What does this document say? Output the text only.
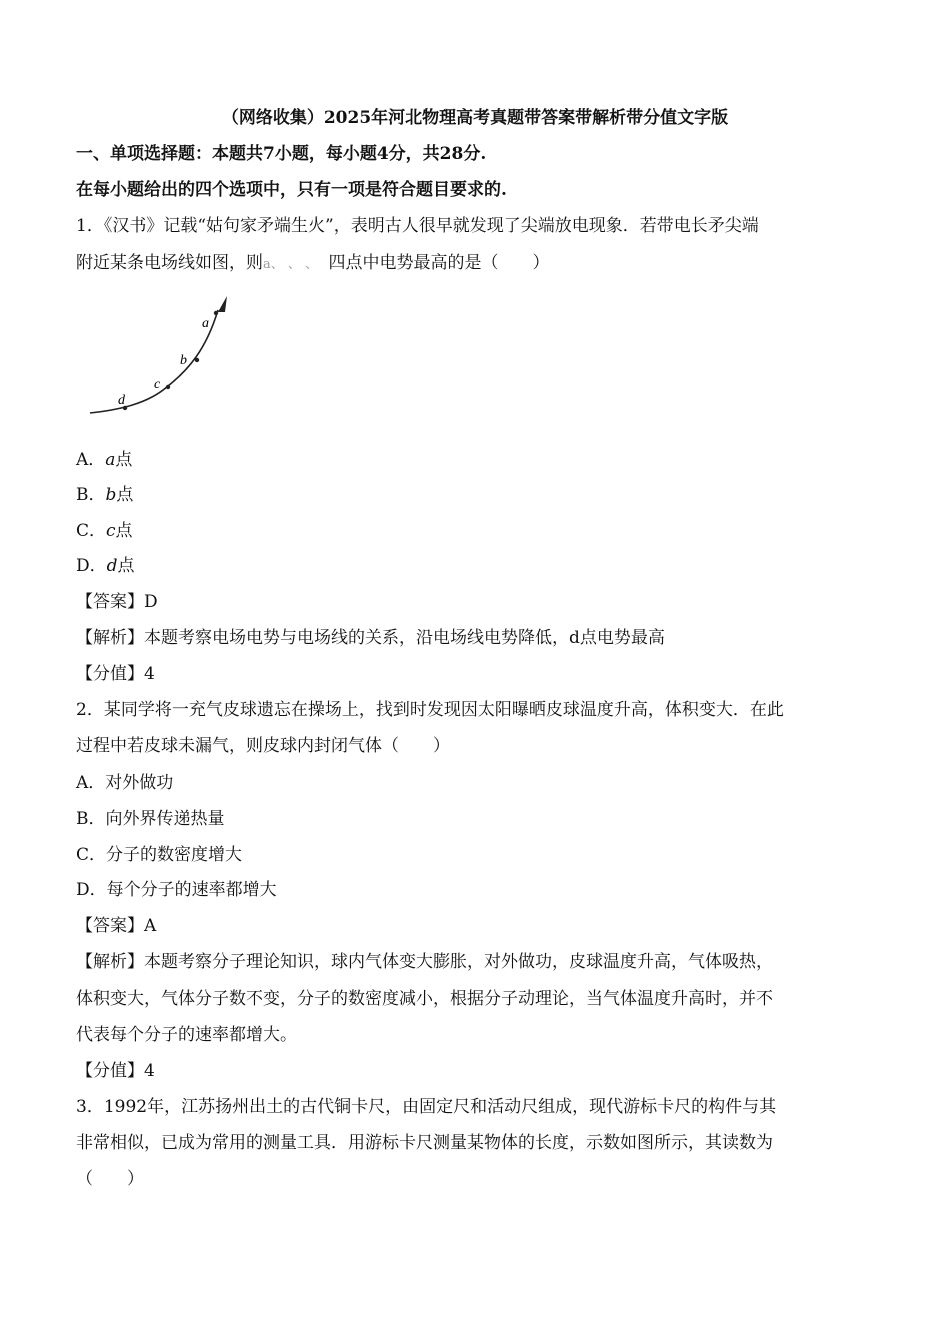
（网络收集）2025年河北物理高考真题带答案带解析带分值文字版
一、单项选择题：本题共7小题，每小题4分，共28分.
在每小题给出的四个选项中，只有一项是符合题目要求的.
1．《汉书》记载“姑句家矛端生火”，表明古人很早就发现了尖端放电现象．若带电长矛尖端
附近某条电场线如图，则a、 、 、　 四点中电势最高的是（　　）
a
b
c
d
A．a点
B．b点
C．c点
D．d点
【答案】D
【解析】本题考察电场电势与电场线的关系，沿电场线电势降低，d点电势最高
【分值】4
2．某同学将一充气皮球遗忘在操场上，找到时发现因太阳曝晒皮球温度升高，体积变大．在此
过程中若皮球未漏气，则皮球内封闭气体（　　）
A．对外做功
B．向外界传递热量
C．分子的数密度增大
D．每个分子的速率都增大
【答案】A
【解析】本题考察分子理论知识，球内气体变大膨胀，对外做功，皮球温度升高，气体吸热，
体积变大，气体分子数不变，分子的数密度减小，根据分子动理论，当气体温度升高时，并不
代表每个分子的速率都增大。
【分值】4
3．1992年，江苏扬州出土的古代铜卡尺，由固定尺和活动尺组成，现代游标卡尺的构件与其
非常相似，已成为常用的测量工具．用游标卡尺测量某物体的长度，示数如图所示，其读数为
（　　）
